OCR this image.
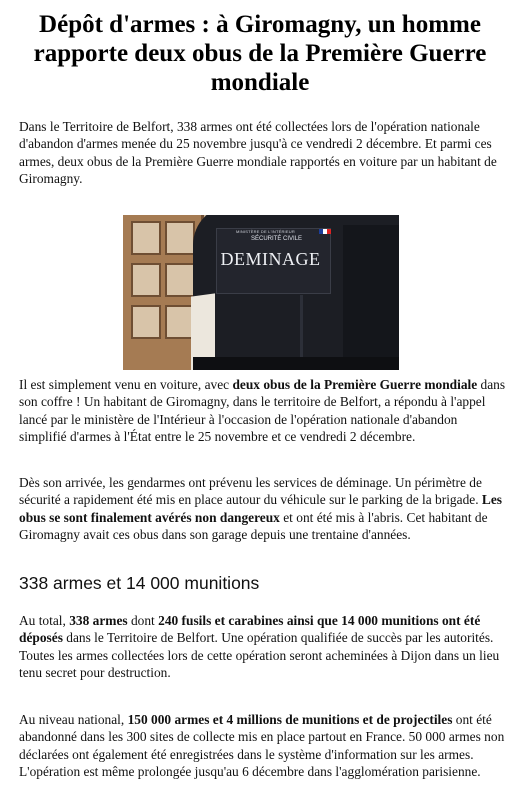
Dépôt d'armes : à Giromagny, un homme rapporte deux obus de la Première Guerre mondiale

Dans le Territoire de Belfort, 338 armes ont été collectées lors de l'opération nationale d'abandon d'armes menée du 25 novembre jusqu'à ce vendredi 2 décembre. Et parmi ces armes, deux obus de la Première Guerre mondiale rapportés en voiture par un habitant de Giromagny.

MINISTÈRE DE L'INTÉRIEUR
SÉCURITÉ CIVILE
DEMINAGE

Il est simplement venu en voiture, avec deux obus de la Première Guerre mondiale dans son coffre ! Un habitant de Giromagny, dans le territoire de Belfort, a répondu à l'appel lancé par le ministère de l'Intérieur à l'occasion de l'opération nationale d'abandon simplifié d'armes à l'État entre le 25 novembre et ce vendredi 2 décembre.

Dès son arrivée, les gendarmes ont prévenu les services de déminage. Un périmètre de sécurité a rapidement été mis en place autour du véhicule sur le parking de la brigade. Les obus se sont finalement avérés non dangereux et ont été mis à l'abris. Cet habitant de Giromagny avait ces obus dans son garage depuis une trentaine d'années.

338 armes et 14 000 munitions

Au total, 338 armes dont 240 fusils et carabines ainsi que 14 000 munitions ont été déposés dans le Territoire de Belfort. Une opération qualifiée de succès par les autorités. Toutes les armes collectées lors de cette opération seront acheminées à Dijon dans un lieu tenu secret pour destruction.

Au niveau national, 150 000 armes et 4 millions de munitions et de projectiles ont été abandonné dans les 300 sites de collecte mis en place partout en France. 50 000 armes non déclarées ont également été enregistrées dans le système d'information sur les armes. L'opération est même prolongée jusqu'au 6 décembre dans l'agglomération parisienne.
